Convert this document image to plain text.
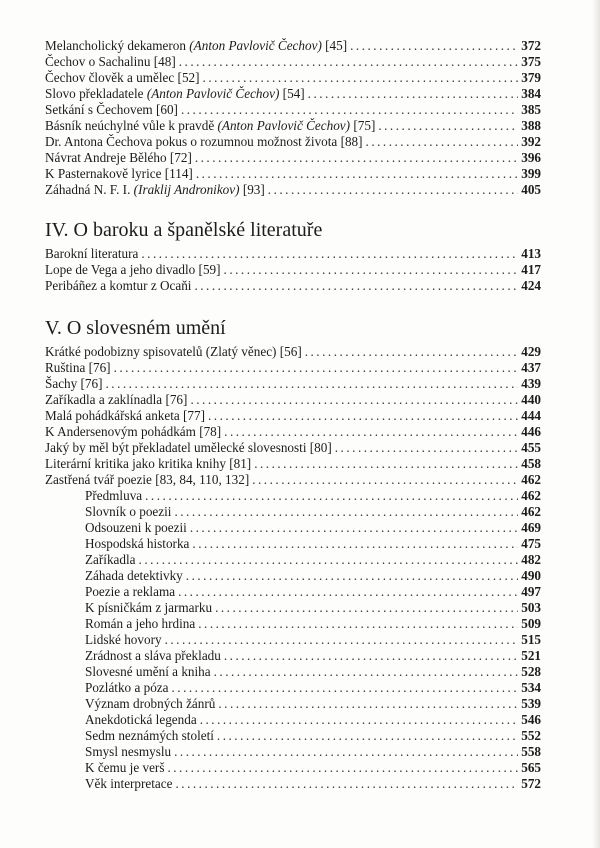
Melancholický dekameron (Anton Pavlovič Čechov) [45] . . .	372
Čechov o Sachalinu [48] . . .	375
Čechov člověk a umělec [52] . . .	379
Slovo překladatele (Anton Pavlovič Čechov) [54] . . .	384
Setkání s Čechovem [60] . . .	385
Básník neúchylné vůle k pravdě (Anton Pavlovič Čechov) [75] . . .	388
Dr. Antona Čechova pokus o rozumnou možnost života [88] . . .	392
Návrat Andreje Bělého [72] . . .	396
K Pasternakově lyrice [114] . . .	399
Záhadná N. F. I. (Iraklij Andronikov) [93] . . .	405
IV. O baroku a španělské literatuře
Barokní literatura . . .	413
Lope de Vega a jeho divadlo [59] . . .	417
Peribáñez a komtur z Ocaňi . . .	424
V. O slovesném umění
Krátké podobizny spisovatelů (Zlatý věnec) [56] . . .	429
Ruština [76] . . .	437
Šachy [76] . . .	439
Zaříkadla a zaklínadla [76] . . .	440
Malá pohádkářská anketa [77] . . .	444
K Andersenovým pohádkám [78] . . .	446
Jaký by měl být překladatel umělecké slovesnosti [80] . . .	455
Literární kritika jako kritika knihy [81] . . .	458
Zastřená tvář poezie [83, 84, 110, 132] . . .	462
Předmluva . . .	462
Slovník o poezii . . .	462
Odsouzeni k poezii . . .	469
Hospodská historka . . .	475
Zaříkadla . . .	482
Záhada detektivky . . .	490
Poezie a reklama . . .	497
K písničkám z jarmarku . . .	503
Román a jeho hrdina . . .	509
Lidské hovory . . .	515
Zrádnost a sláva překladu . . .	521
Slovesné umění a kniha . . .	528
Pozlátko a póza . . .	534
Význam drobných žánrů . . .	539
Anekdotická legenda . . .	546
Sedm neznámých století . . .	552
Smysl nesmyslu . . .	558
K čemu je verš . . .	565
Věk interpretace . . .	572
